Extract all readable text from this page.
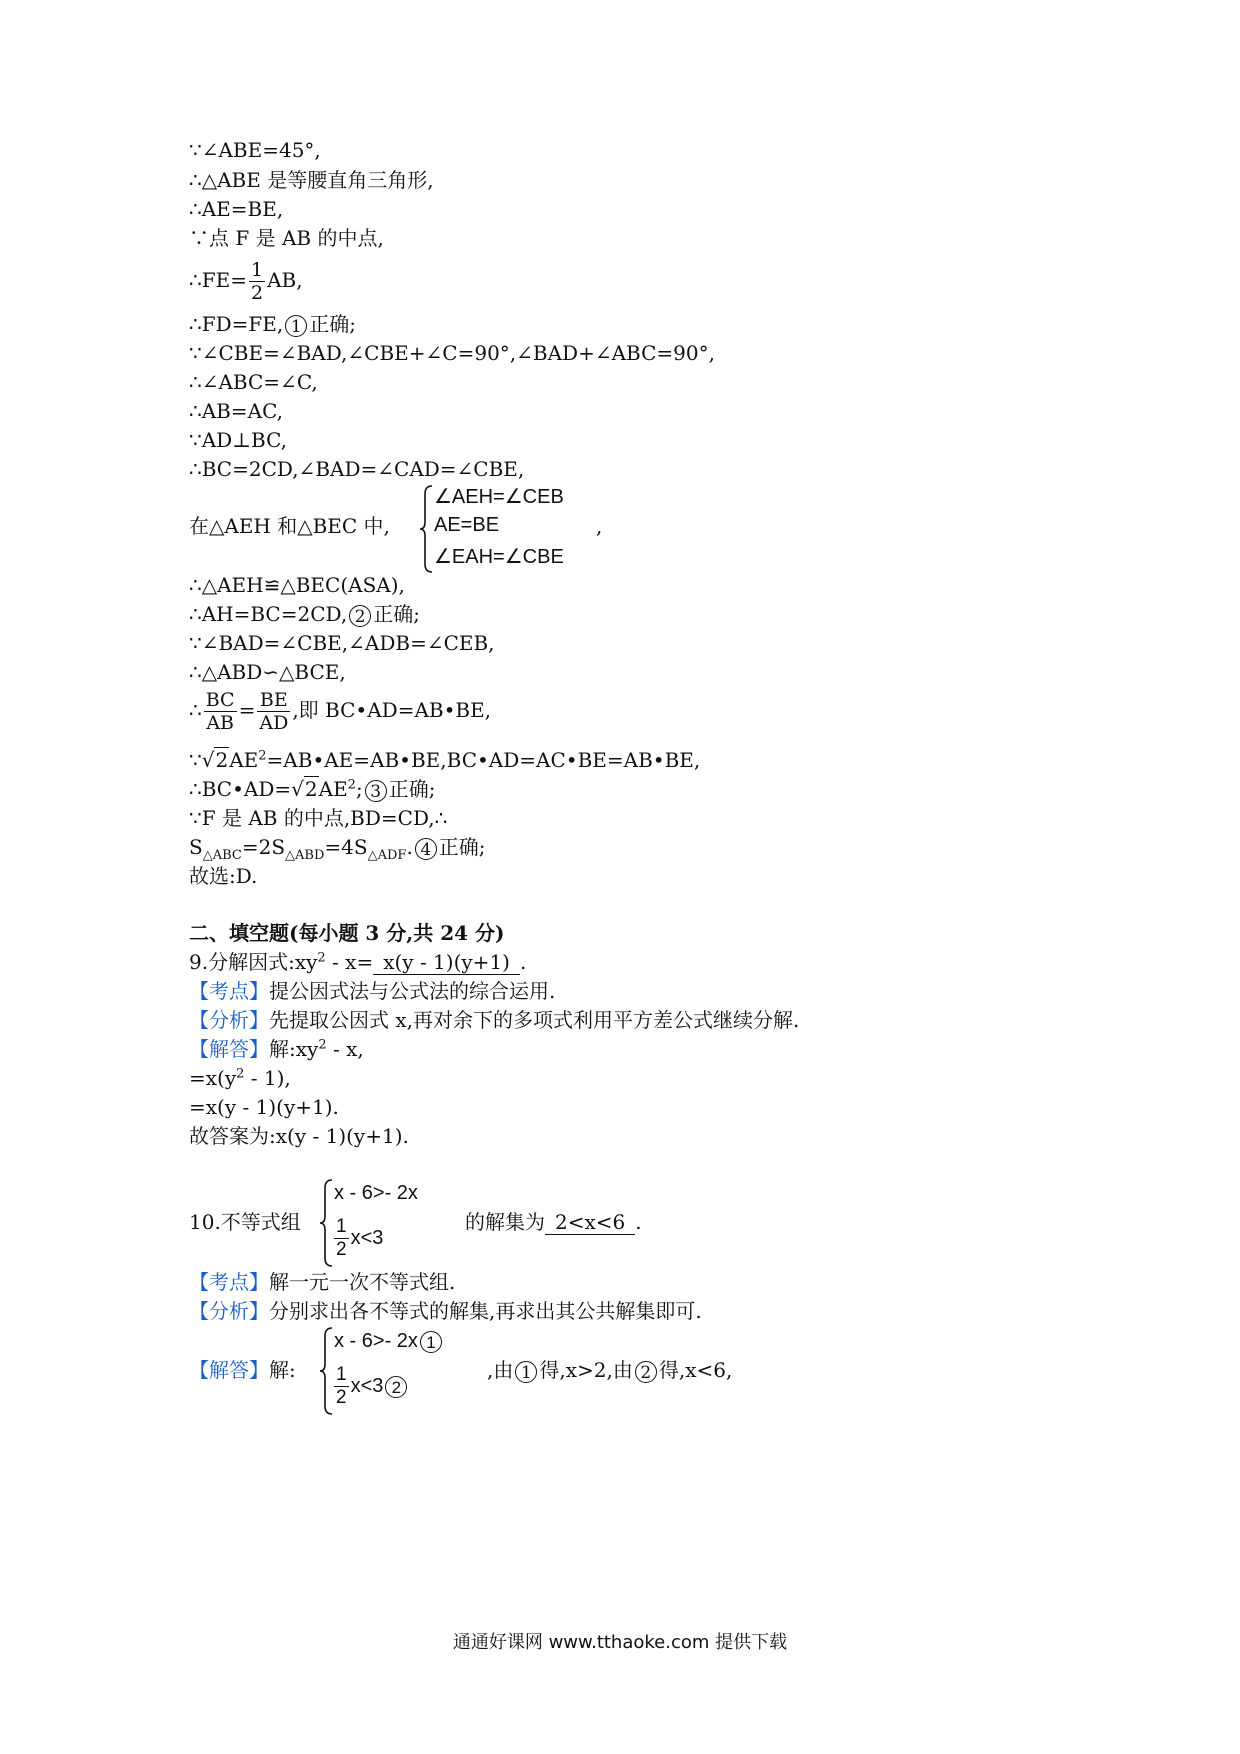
∵∠ABE=45°,
∴△ABE 是等腰直角三角形,
∴AE=BE,
∵点 F 是 AB 的中点,
∴FE= $\frac{1}{2}$ AB,
∴FD=FE, 1 正确;
∵∠CBE=∠BAD,∠CBE+∠C=90°,∠BAD+∠ABC=90°,
∴∠ABC=∠C,
∴AB=AC,
∵AD⊥BC,
∴BC=2CD,∠BAD=∠CAD=∠CBE,
在△AEH 和△BEC 中,
∠AEH=∠CEB
AE=BE
∠EAH=∠CBE
,
∴△AEH≌△BEC(ASA),
∴AH=BC=2CD, 2 正确;
∵∠BAD=∠CBE,∠ADB=∠CEB,
∴△ABD∽△BCE,
∴ $\frac{BC}{AB} = \frac{BE}{AD}$ ,即 BC•AD=AB•BE,
$\because√2AE^2=AB•AE=AB•BE,BC•AD=AC•BE=AB•BE$,
$\therefore BC•AD=√2AE^2$; 3 正确;
∵F 是 AB 的中点,BD=CD,∴
$S_{\triangle ABC}=2S_{\triangle ABD}=4S_{\triangle ADF}$. 4 正确;
故选:D.
二、填空题(每小题 3 分,共 24 分)
9.分解因式$:xy^2 - x= x(y - 1)(y+1)$ .
【考点】提公因式法与公式法的综合运用.
【分析】先提取公因式 x,再对余下的多项式利用平方差公式继续分解.
【解答】解$:xy^2$ - x,
$=x(y^2 - 1)$,
=x(y - 1)(y+1).
故答案为:x(y - 1)(y+1).
10.不等式组
x - 6>- 2x
$\frac{1}{2} x<3$
的解集为 2<x<6 .
【考点】解一元一次不等式组.
【分析】分别求出各不等式的解集,再求出其公共解集即可.
【解答】解:
x - 6>- 2x 1
$\frac{1}{2} x<3$ 2
,由 1 得,x>2,由 2 得,x<6,
通通好课网 www.tthaoke.com 提供下载
